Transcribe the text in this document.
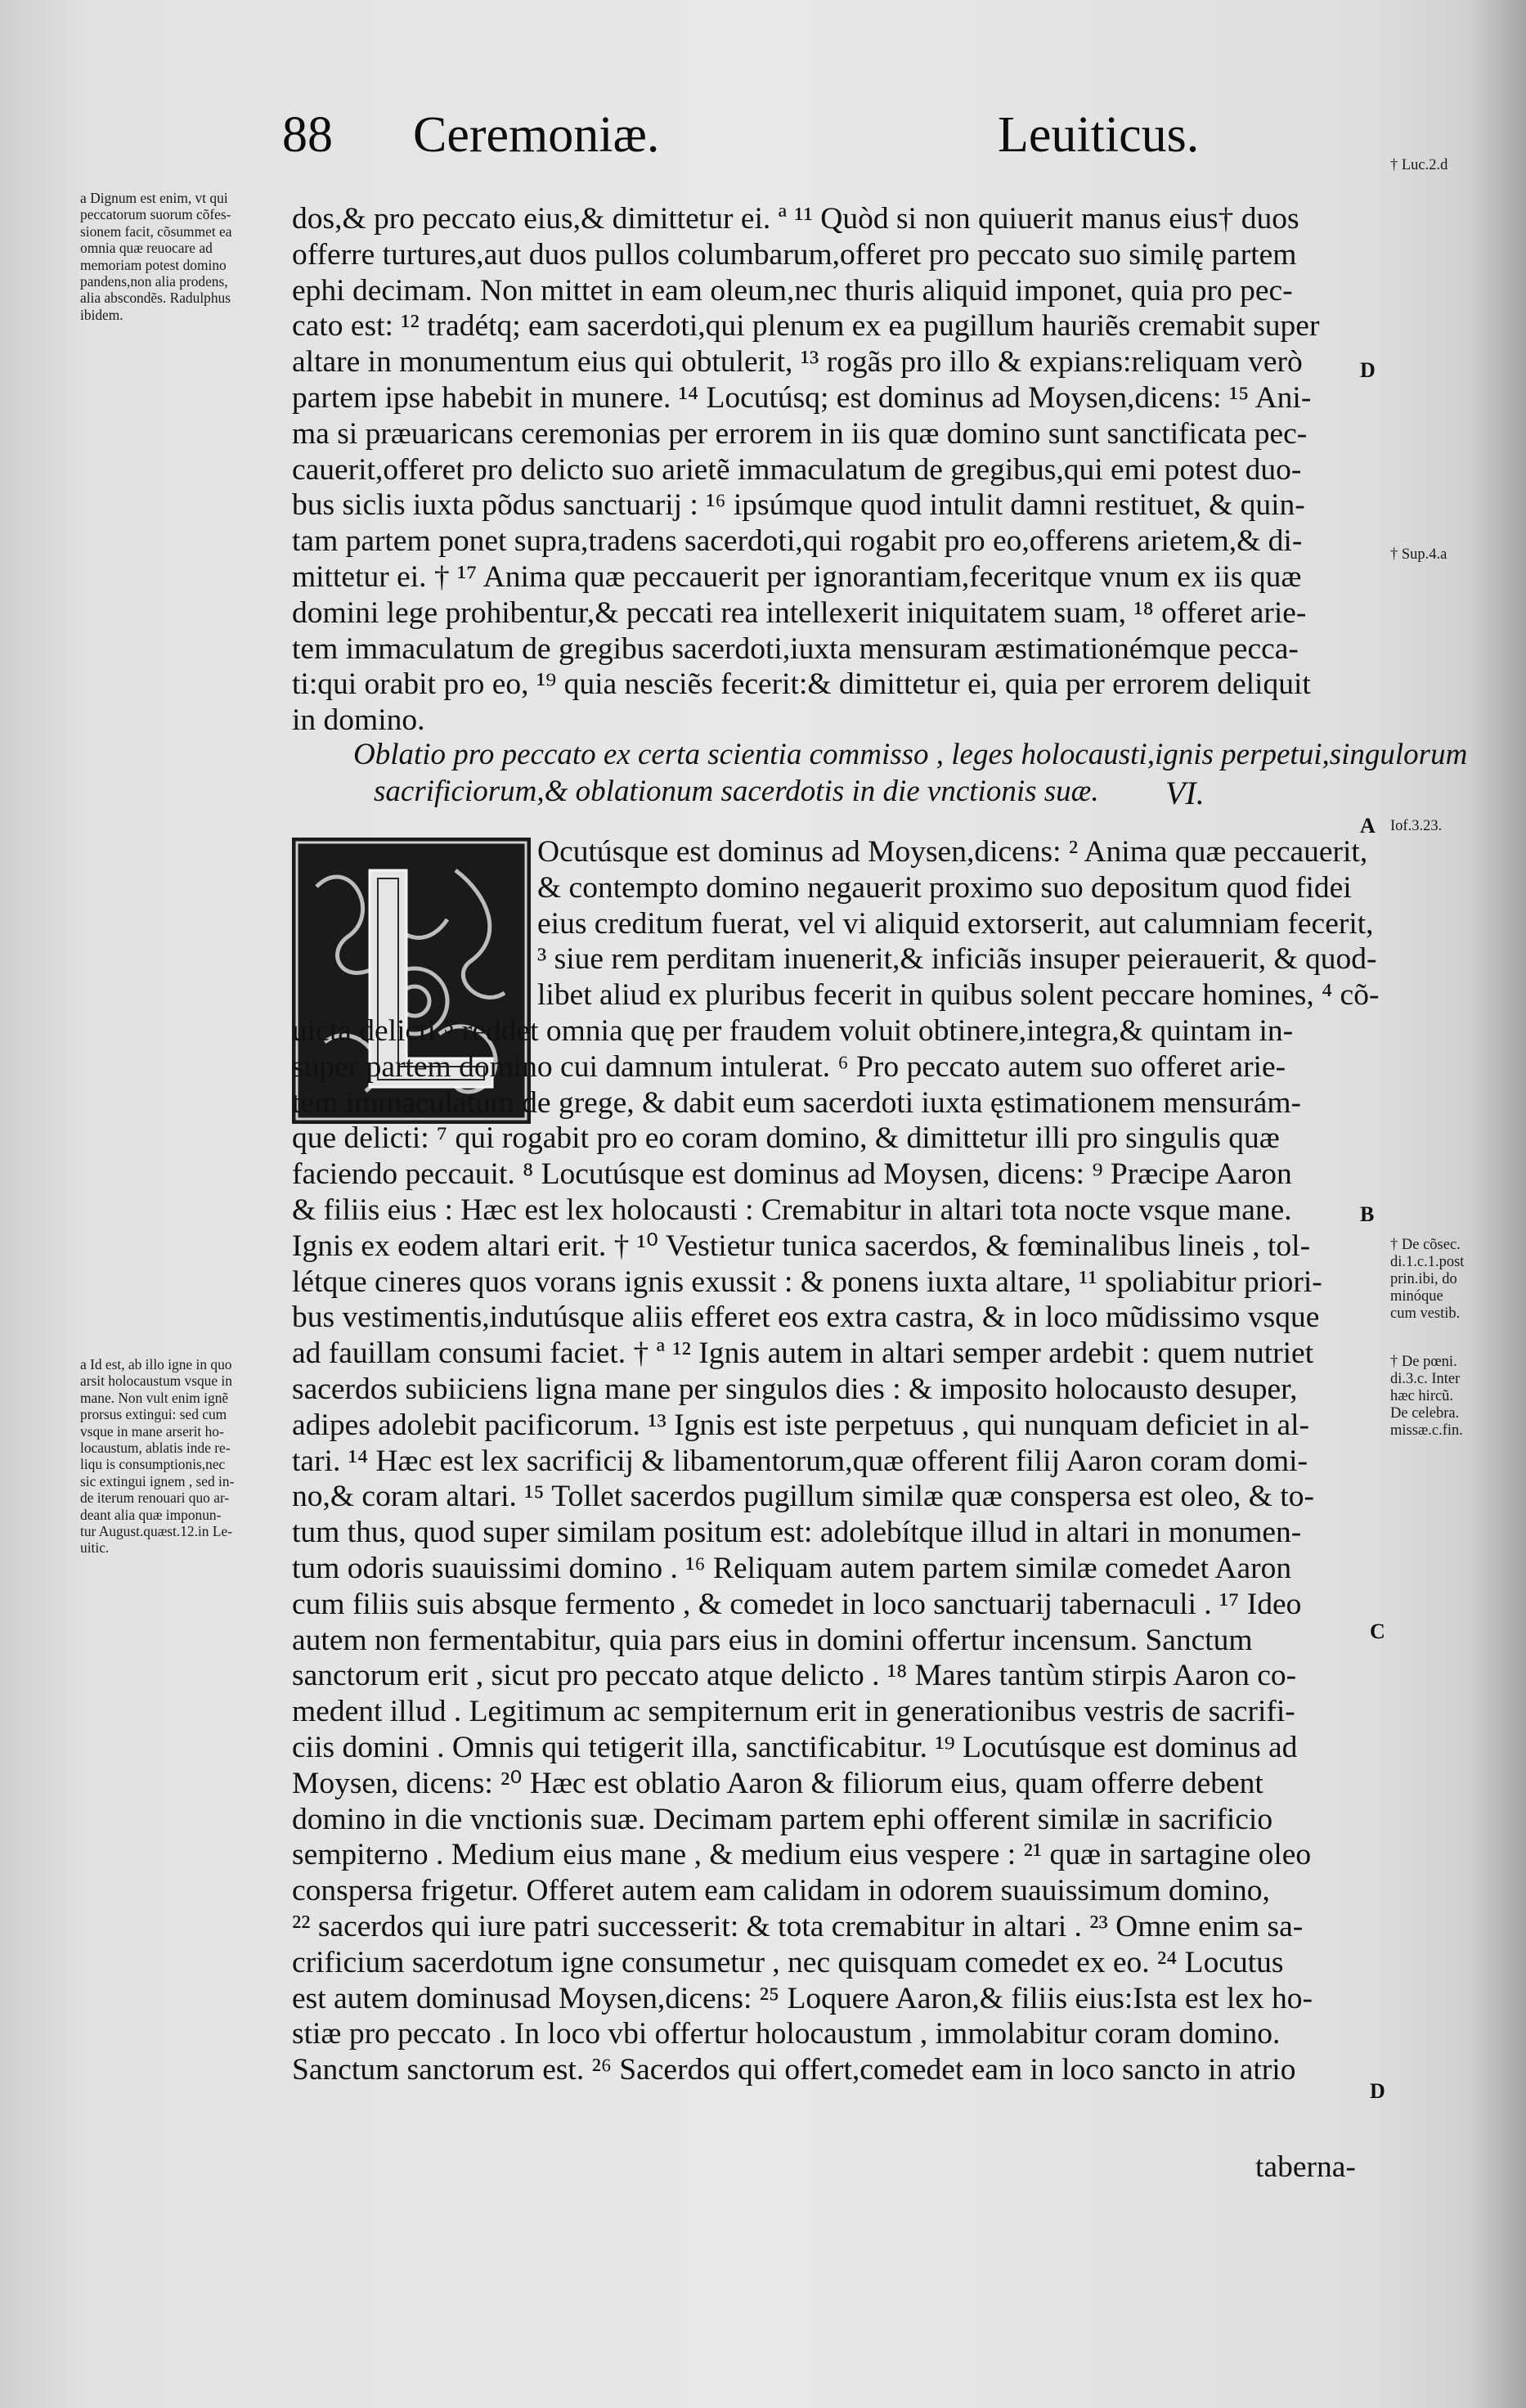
88 Ceremoniæ.	Leuiticus.
a Dignum est enim, vt qui
peccatorum suorum cõfes-
sionem facit, cõsummet ea
omnia quæ reuocare ad
memoriam potest domino
pandens,non alia prodens,
alia abscondẽs. Radulphus
ibidem.
a Id est, ab illo igne in quo
arsit holocaustum vsque in
mane. Non vult enim ignẽ
prorsus extingui: sed cum
vsque in mane arserit ho-
locaustum, ablatis inde re-
liqu is consumptionis,nec
sic extingui ignem , sed in-
de iterum renouari quo ar-
deant alia quæ imponun-
tur August.quæst.12.in Le-
uitic.
† Luc.2.d
† Sup.4.a
Iof.3.23.
† De cõsec.
di.1.c.1.post
prin.ibi, do
minóque
cum vestib.
† De pœni.
di.3.c. Inter
hæc hircũ.
De celebra.
missæ.c.fin.
D
A
B
C
D
dos,& pro peccato eius,& dimittetur ei. ª ¹¹ Quòd si non quiuerit manus eius† duos
offerre turtures,aut duos pullos columbarum,offeret pro peccato suo similę partem
ephi decimam. Non mittet in eam oleum,nec thuris aliquid imponet, quia pro pec-
cato est: ¹² tradétq; eam sacerdoti,qui plenum ex ea pugillum hauriẽs cremabit super
altare in monumentum eius qui obtulerit, ¹³ rogãs pro illo & expians:reliquam verò
partem ipse habebit in munere. ¹⁴ Locutúsq; est dominus ad Moysen,dicens: ¹⁵ Ani-
ma si præuaricans ceremonias per errorem in iis quæ domino sunt sanctificata pec-
cauerit,offeret pro delicto suo arietẽ immaculatum de gregibus,qui emi potest duo-
bus siclis iuxta põdus sanctuarij : ¹⁶ ipsúmque quod intulit damni restituet, & quin-
tam partem ponet supra,tradens sacerdoti,qui rogabit pro eo,offerens arietem,& di-
mittetur ei. † ¹⁷ Anima quæ peccauerit per ignorantiam,feceritque vnum ex iis quæ
domini lege prohibentur,& peccati rea intellexerit iniquitatem suam, ¹⁸ offeret arie-
tem immaculatum de gregibus sacerdoti,iuxta mensuram æstimationémque pecca-
ti:qui orabit pro eo, ¹⁹ quia nesciẽs fecerit:& dimittetur ei, quia per errorem deliquit
in domino.
Oblatio pro peccato ex certa scientia commisso , leges holocausti,ignis perpetui,singulorum
sacrificiorum,& oblationum sacerdotis in die vnctionis suæ.	VI.
Ocutúsque est dominus ad Moysen,dicens: ² Anima quæ peccauerit,
& contempto domino negauerit proximo suo depositum quod fidei
eius creditum fuerat, vel vi aliquid extorserit, aut calumniam fecerit,
³ siue rem perditam inuenerit,& inficiãs insuper peierauerit, & quod-
libet aliud ex pluribus fecerit in quibus solent peccare homines, ⁴ cõ-
uicta delicti ⁵ reddet omnia quę per fraudem voluit obtinere,integra,& quintam in-
super partem domino cui damnum intulerat. ⁶ Pro peccato autem suo offeret arie-
tem immaculatum de grege, & dabit eum sacerdoti iuxta ęstimationem mensurám-
que delicti: ⁷ qui rogabit pro eo coram domino, & dimittetur illi pro singulis quæ
faciendo peccauit. ⁸ Locutúsque est dominus ad Moysen, dicens: ⁹ Præcipe Aaron
& filiis eius : Hæc est lex holocausti : Cremabitur in altari tota nocte vsque mane.
Ignis ex eodem altari erit. † ¹⁰ Vestietur tunica sacerdos, & fœminalibus lineis , tol-
létque cineres quos vorans ignis exussit : & ponens iuxta altare, ¹¹ spoliabitur priori-
bus vestimentis,indutúsque aliis efferet eos extra castra, & in loco mũdissimo vsque
ad fauillam consumi faciet. † ª ¹² Ignis autem in altari semper ardebit : quem nutriet
sacerdos subiiciens ligna mane per singulos dies : & imposito holocausto desuper,
adipes adolebit pacificorum. ¹³ Ignis est iste perpetuus , qui nunquam deficiet in al-
tari. ¹⁴ Hæc est lex sacrificij & libamentorum,quæ offerent filij Aaron coram domi-
no,& coram altari. ¹⁵ Tollet sacerdos pugillum similæ quæ conspersa est oleo, & to-
tum thus, quod super similam positum est: adolebítque illud in altari in monumen-
tum odoris suauissimi domino . ¹⁶ Reliquam autem partem similæ comedet Aaron
cum filiis suis absque fermento , & comedet in loco sanctuarij tabernaculi . ¹⁷ Ideo
autem non fermentabitur, quia pars eius in domini offertur incensum. Sanctum
sanctorum erit , sicut pro peccato atque delicto . ¹⁸ Mares tantùm stirpis Aaron co-
medent illud . Legitimum ac sempiternum erit in generationibus vestris de sacrifi-
ciis domini . Omnis qui tetigerit illa, sanctificabitur. ¹⁹ Locutúsque est dominus ad
Moysen, dicens: ²⁰ Hæc est oblatio Aaron & filiorum eius, quam offerre debent
domino in die vnctionis suæ. Decimam partem ephi offerent similæ in sacrificio
sempiterno . Medium eius mane , & medium eius vespere : ²¹ quæ in sartagine oleo
conspersa frigetur. Offeret autem eam calidam in odorem suauissimum domino,
²² sacerdos qui iure patri successerit: & tota cremabitur in altari . ²³ Omne enim sa-
crificium sacerdotum igne consumetur , nec quisquam comedet ex eo. ²⁴ Locutus
est autem dominusad Moysen,dicens: ²⁵ Loquere Aaron,& filiis eius:Ista est lex ho-
stiæ pro peccato . In loco vbi offertur holocaustum , immolabitur coram domino.
Sanctum sanctorum est. ²⁶ Sacerdos qui offert,comedet eam in loco sancto in atrio
taberna-
